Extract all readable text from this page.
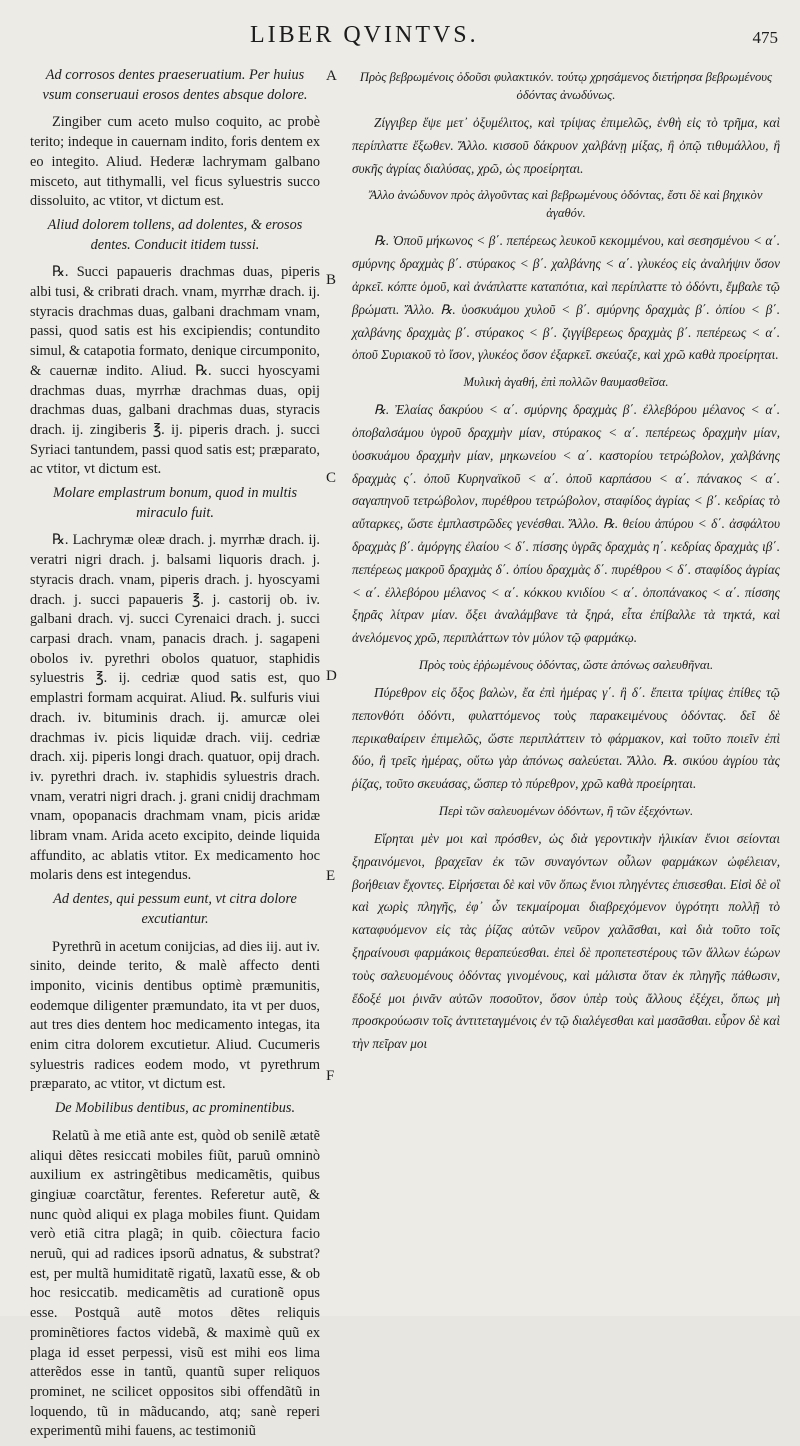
LIBER QVINTVS.	475
Ad corrosos dentes praeseruatium. Per huius vsum conseruaui erosos dentes absque dolore.

Zingiber cum aceto mulso coquito, ac probè terito; indeque in cauernam indito, foris dentem ex eo integito. Aliud. Hederæ lachrymam galbano misceto, aut tithymalli, vel ficus syluestris succo dissoluito, ac vtitor, vt dictum est.

Aliud dolorem tollens, ad dolentes, & erosos dentes. Conducit itidem tussi.

℞. Succi papaueris drachmas duas, piperis albi tusi, & cribrati drach. vnam, myrrhæ drach. ij. styracis drachmas duas, galbani drachmam vnam, passi, quod satis est his excipiendis; contundito simul, & catapotia formato, denique circumponito, & cauernæ indito. Aliud. ℞. succi hyoscyami drachmas duas, myrrhæ drachmas duas, opij drachmas duas, galbani drachmas duas, styracis drach. ij. zingiberis ℥. ij. piperis drach. j. succi Syriaci tantundem, passi quod satis est; præparato, ac vtitor, vt dictum est.

Molare emplastrum bonum, quod in multis miraculo fuit.

℞. Lachrymæ oleæ drach. j. myrrhæ drach. ij. veratri nigri drach. j. balsami liquoris drach. j. styracis drach. vnam, piperis drach. j. hyoscyami drach. j. succi papaueris ℥. j. castorij ob. iv. galbani drach. vj. succi Cyrenaici drach. j. succi carpasi drach. vnam, panacis drach. j. sagapeni obolos iv. pyrethri obolos quatuor, staphidis syluestris ℥. ij. cedriæ quod satis est, quo emplastri formam acquirat. Aliud. ℞. sulfuris viui drach. iv. bituminis drach. ij. amurcæ olei drachmas iv. picis liquidæ drach. viij. cedriæ drach. xij. piperis longi drach. quatuor, opij drach. iv. pyrethri drach. iv. staphidis syluestris drach. vnam, veratri nigri drach. j. grani cnidij drachmam vnam, opopanacis drachmam vnam, picis aridæ libram vnam. Arida aceto excipito, deinde liquida affundito, ac ablatis vtitor. Ex medicamento hoc molaris dens est integendus.

Ad dentes, qui pessum eunt, vt citra dolore excutiantur.

Pyrethrũ in acetum conijcias, ad dies iij. aut iv. sinito, deinde terito, & malè affecto denti imponito, vicinis dentibus optimè præmunitis, eodemque diligenter præmundato, ita vt per duos, aut tres dies dentem hoc medicamento integas, ita enim citra dolorem excutietur. Aliud. Cucumeris syluestris radices eodem modo, vt pyrethrum præparato, ac vtitor, vt dictum est.

De Mobilibus dentibus, ac prominentibus.

Relatũ à me etiã ante est, quòd ob senilẽ ætatẽ aliqui dẽtes resiccati mobiles fiũt, paruũ omninò auxilium ex astringẽtibus medicamẽtis, quibus gingiuæ coarctãtur, ferentes. Referetur autẽ, & nunc quòd aliqui ex plaga mobiles fiunt. Quidam verò etiã citra plagã; in quib. cõiectura facio neruũ, qui ad radices ipsorũ adnatus, & substrat? est, per multã humiditatẽ rigatũ, laxatũ esse, & ob hoc resiccatib. medicamẽtis ad curationẽ opus esse. Postquã autẽ motos dẽtes reliquis prominẽtiores factos videbã, & maximè quũ ex plaga id esset perpessi, visũ est mihi eos lima atterẽdos esse in tantũ, quantũ super reliquos prominet, ne scilicet oppositos sibi offendãtũ in loquendo, tũ in mãducando, atq; sanè reperi experimentũ mihi fauens, ac testimoniũ

Πρὸς βεβρωμένοις ὀδοῦσι φυλακτικόν. τούτῳ χρησάμενος διετήρησα βεβρωμένους ὀδόντας ἀνωδύνως.

Ζίγγιβερ ἕψε μετ᾽ ὀξυμέλιτος, καὶ τρίψας ἐπιμελῶς, ἐνθὴ εἰς τὸ τρῆμα, καὶ περίπλαττε ἔξωθεν. Ἄλλο. κισσοῦ δάκρυον χαλβάνῃ μίξας, ἢ ὀπῷ τιθυμάλλου, ἢ συκῆς ἀγρίας διαλύσας, χρῶ, ὡς προείρηται.

Ἄλλο ἀνώδυνον πρὸς ἀλγοῦντας καὶ βεβρωμένους ὀδόντας, ἔστι δὲ καὶ βηχικὸν ἀγαθόν.

℞. Ὀποῦ μήκωνος < β΄. πεπέρεως λευκοῦ κεκομμένου, καὶ σεσησμένου < α΄. σμύρνης δραχμὰς β΄. στύρακος < β΄. χαλβάνης < α΄. γλυκέος εἰς ἀναλήψιν ὅσον ἀρκεῖ. κόπτε ὁμοῦ, καὶ ἀνάπλαττε καταπότια, καὶ περίπλαττε τὸ ὀδόντι, ἔμβαλε τῷ βρώματι. Ἄλλο. ℞. ὑοσκυάμου χυλοῦ < β΄. σμύρνης δραχμὰς β΄. ὀπίου < β΄. χαλβάνης δραχμὰς β΄. στύρακος < β΄. ζιγγίβερεως δραχμὰς β΄. πεπέρεως < α΄. ὀποῦ Συριακοῦ τὸ ἴσον, γλυκέος ὅσον ἐξαρκεῖ. σκεύαζε, καὶ χρῶ καθὰ προείρηται.

Μυλικὴ ἀγαθή, ἐπὶ πολλῶν θαυμασθεῖσα.

℞. Ἐλαίας δακρύου < α΄. σμύρνης δραχμὰς β΄. ἐλλεβόρου μέλανος < α΄. ὀποβαλσάμου ὑγροῦ δραχμὴν μίαν, στύρακος < α΄. πεπέρεως δραχμὴν μίαν, ὑοσκυάμου δραχμὴν μίαν, μηκωνείου < α΄. καστορίου τετρώβολον, χαλβάνης δραχμὰς ς΄. ὀποῦ Κυρηναϊκοῦ < α΄. ὀποῦ καρπάσου < α΄. πάνακος < α΄. σαγαπηνοῦ τετρώβολον, πυρέθρου τετρώβολον, σταφίδος ἀγρίας < β΄. κεδρίας τὸ αὔταρκες, ὥστε ἐμπλαστρῶδες γενέσθαι. Ἄλλο. ℞. θείου ἀπύρου < δ΄. ἀσφάλτου δραχμὰς β΄. ἀμόργης ἐλαίου < δ΄. πίσσης ὑγρᾶς δραχμὰς η΄. κεδρίας δραχμὰς ιβ΄. πεπέρεως μακροῦ δραχμὰς δ΄. ὀπίου δραχμὰς δ΄. πυρέθρου < δ΄. σταφίδος ἀγρίας < α΄. ἐλλεβόρου μέλανος < α΄. κόκκου κνιδίου < α΄. ὀποπάνακος < α΄. πίσσης ξηρᾶς λίτραν μίαν. ὄξει ἀναλάμβανε τὰ ξηρά, εἶτα ἐπίβαλλε τὰ τηκτά, καὶ ἀνελόμενος χρῶ, περιπλάττων τὸν μύλον τῷ φαρμάκῳ.

Πρὸς τοὺς ἐῤῥωμένους ὀδόντας, ὥστε ἀπόνως σαλευθῆναι.

Πύρεθρον εἰς ὄξος βαλὼν, ἔα ἐπὶ ἡμέρας γ΄. ἢ δ΄. ἔπειτα τρίψας ἐπίθες τῷ πεπονθότι ὀδόντι, φυλαττόμενος τοὺς παρακειμένους ὀδόντας. δεῖ δὲ περικαθαίρειν ἐπιμελῶς, ὥστε περιπλάττειν τὸ φάρμακον, καὶ τοῦτο ποιεῖν ἐπὶ δύο, ἢ τρεῖς ἡμέρας, οὕτω γὰρ ἀπόνως σαλεύεται. Ἄλλο. ℞. σικύου ἀγρίου τὰς ῥίζας, τοῦτο σκευάσας, ὥσπερ τὸ πύρεθρον, χρῶ καθὰ προείρηται.

Περὶ τῶν σαλευομένων ὀδόντων, ἢ τῶν ἐξεχόντων.

Εἴρηται μὲν μοι καὶ πρόσθεν, ὡς διὰ γεροντικὴν ἡλικίαν ἔνιοι σείονται ξηραινόμενοι, βραχεῖαν ἐκ τῶν συναγόντων οὖλων φαρμάκων ὠφέλειαν, βοήθειαν ἔχοντες. Εἰρήσεται δὲ καὶ νῦν ὅπως ἔνιοι πληγέντες ἐπισεσθαι. Εἰσὶ δὲ οἳ καὶ χωρὶς πληγῆς, ἐφ᾽ ὧν τεκμαίρομαι διαβρεχόμενον ὑγρότητι πολλῇ τὸ καταφυόμενον εἰς τὰς ῥίζας αὐτῶν νεῦρον χαλᾶσθαι, καὶ διὰ τοῦτο τοῖς ξηραίνουσι φαρμάκοις θεραπεύεσθαι. ἐπεὶ δὲ προπετεστέρους τῶν ἄλλων ἑώρων τοὺς σαλευομένους ὀδόντας γινομένους, καὶ μάλιστα ὅταν ἐκ πληγῆς πάθωσιν, ἔδοξέ μοι ῥινᾶν αὐτῶν ποσοῦτον, ὅσον ὑπὲρ τοὺς ἄλλους ἐξέχει, ὅπως μὴ προσκρούωσιν τοῖς ἀντιτεταγμένοις ἐν τῷ διαλέγεσθαι καὶ μασᾶσθαι. εὗρον δὲ καὶ τὴν πεῖραν μοι

A
B
C
D
E
F
